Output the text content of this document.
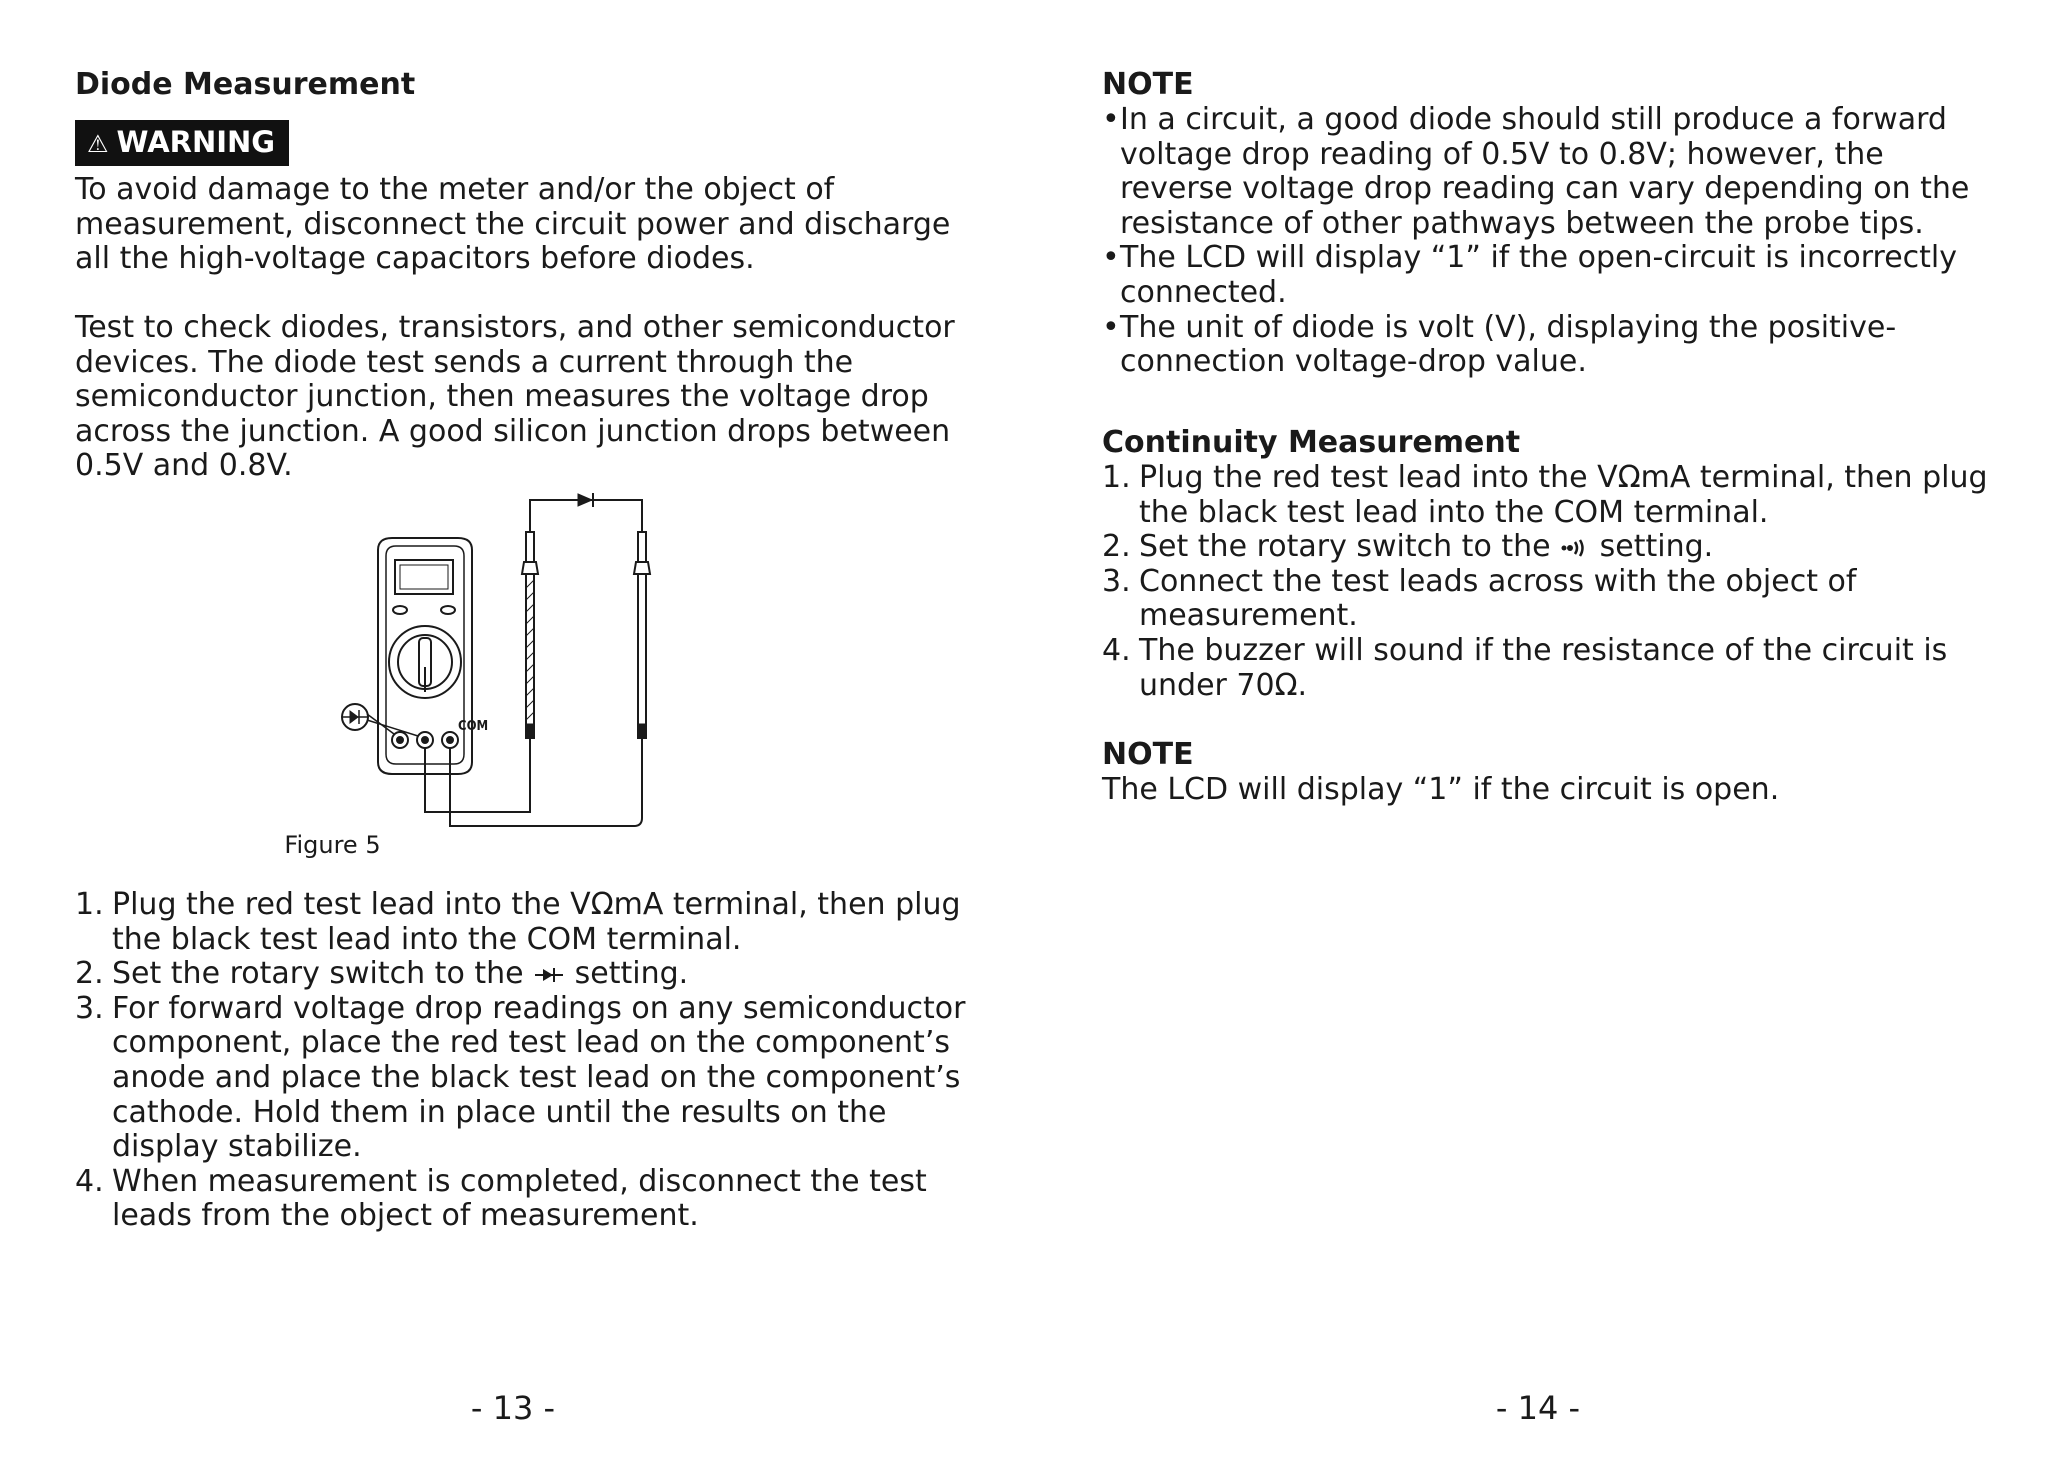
Diode Measurement
⚠ WARNING

To avoid damage to the meter and/or the object of measurement, disconnect the circuit power and discharge all the high-voltage capacitors before diodes.

Test to check diodes, transistors, and other semiconductor devices. The diode test sends a current through the semiconductor junction, then measures the voltage drop across the junction. A good silicon junction drops between 0.5V and 0.8V.

COM
Figure 5
1. Plug the red test lead into the VΩmA terminal, then plug the black test lead into the COM terminal.
2. Set the rotary switch to the setting.
3. For forward voltage drop readings on any semiconductor component, place the red test lead on the component’s anode and place the black test lead on the component’s cathode. Hold them in place until the results on the display stabilize.
4. When measurement is completed, disconnect the test leads from the object of measurement.
- 13 -
NOTE
• In a circuit, a good diode should still produce a forward voltage drop reading of 0.5V to 0.8V; however, the reverse voltage drop reading can vary depending on the resistance of other pathways between the probe tips.
• The LCD will display “1” if the open-circuit is incorrectly connected.
• The unit of diode is volt (V), displaying the positive-connection voltage-drop value.
Continuity Measurement
1. Plug the red test lead into the VΩmA terminal, then plug the black test lead into the COM terminal.
2. Set the rotary switch to the setting.
3. Connect the test leads across with the object of measurement.
4. The buzzer will sound if the resistance of the circuit is under 70Ω.
NOTE

The LCD will display “1” if the circuit is open.

- 14 -
